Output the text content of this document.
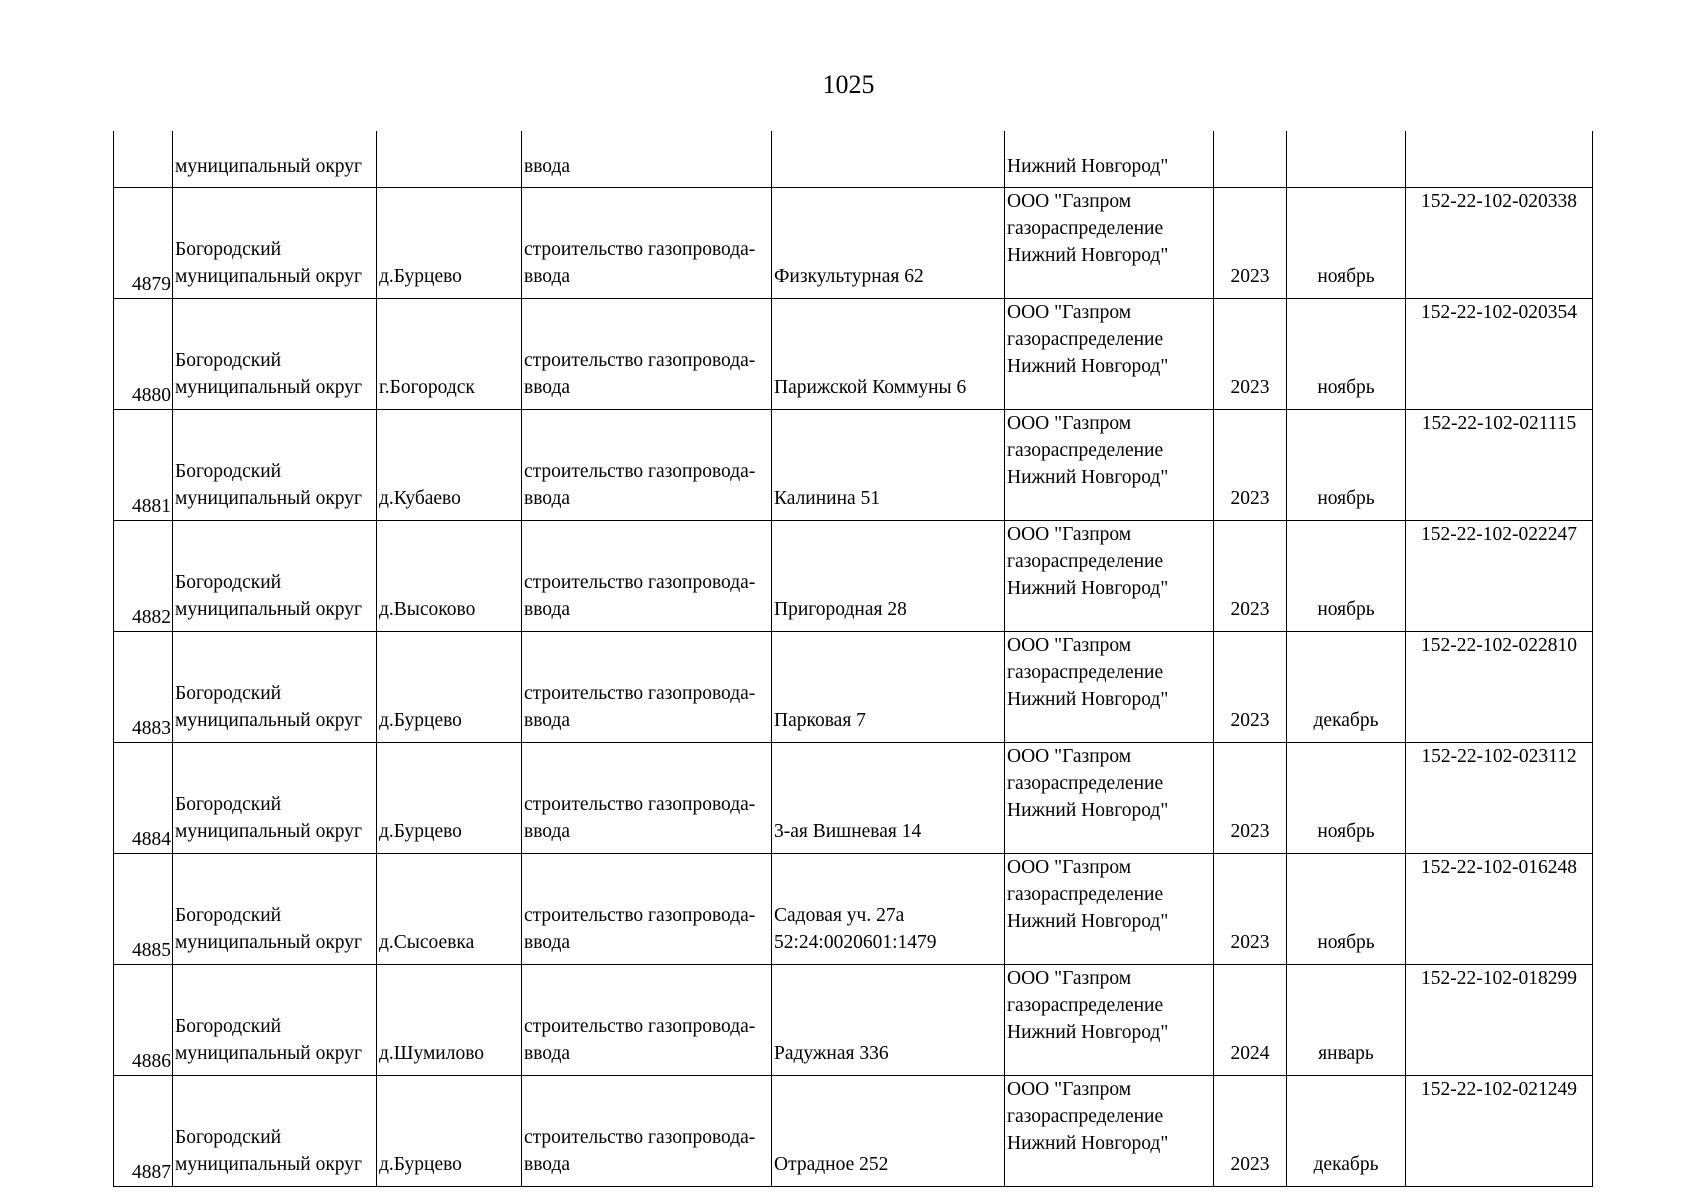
1025

	муниципальный округ		ввода		Нижний Новгород"			

4879	Богородский
муниципальный округ	д.Бурцево	строительство газопровода-
ввода	Физкультурная 62	ООО "Газпром
газораспределение
Нижний Новгород"	2023	ноябрь	152-22-102-020338
4880	Богородский
муниципальный округ	г.Богородск	строительство газопровода-
ввода	Парижской Коммуны 6	ООО "Газпром
газораспределение
Нижний Новгород"	2023	ноябрь	152-22-102-020354
4881	Богородский
муниципальный округ	д.Кубаево	строительство газопровода-
ввода	Калинина 51	ООО "Газпром
газораспределение
Нижний Новгород"	2023	ноябрь	152-22-102-021115
4882	Богородский
муниципальный округ	д.Высоково	строительство газопровода-
ввода	Пригородная 28	ООО "Газпром
газораспределение
Нижний Новгород"	2023	ноябрь	152-22-102-022247
4883	Богородский
муниципальный округ	д.Бурцево	строительство газопровода-
ввода	Парковая 7	ООО "Газпром
газораспределение
Нижний Новгород"	2023	декабрь	152-22-102-022810
4884	Богородский
муниципальный округ	д.Бурцево	строительство газопровода-
ввода	3-ая Вишневая 14	ООО "Газпром
газораспределение
Нижний Новгород"	2023	ноябрь	152-22-102-023112
4885	Богородский
муниципальный округ	д.Сысоевка	строительство газопровода-
ввода	Садовая уч. 27а
52:24:0020601:1479	ООО "Газпром
газораспределение
Нижний Новгород"	2023	ноябрь	152-22-102-016248
4886	Богородский
муниципальный округ	д.Шумилово	строительство газопровода-
ввода	Радужная 336	ООО "Газпром
газораспределение
Нижний Новгород"	2024	январь	152-22-102-018299
4887	Богородский
муниципальный округ	д.Бурцево	строительство газопровода-
ввода	Отрадное 252	ООО "Газпром
газораспределение
Нижний Новгород"	2023	декабрь	152-22-102-021249
